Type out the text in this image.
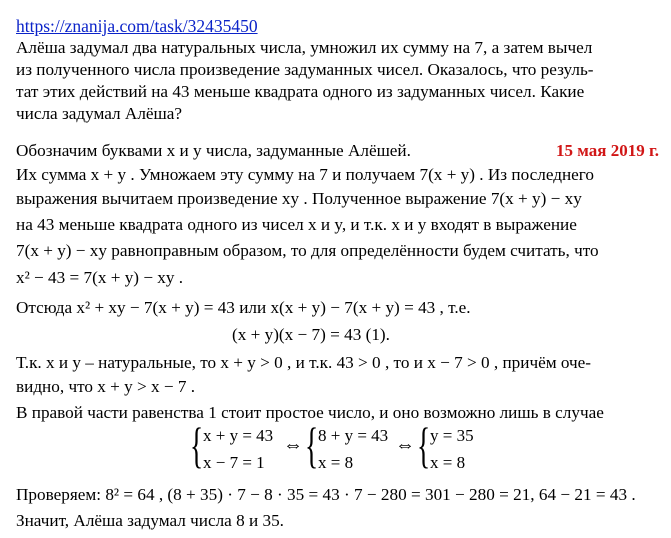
https://znanija.com/task/32435450
Алёша задумал два натуральных числа, умножил их сумму на 7, а затем вычел
из полученного числа произведение задуманных чисел. Оказалось, что резуль-
тат этих действий на 43 меньше квадрата одного из задуманных чисел. Какие
числа задумал Алёша?
Обозначим буквами x и y числа, задуманные Алёшей.	15 мая 2019 г.
Их сумма x + y . Умножаем эту сумму на 7 и получаем 7(x + y) . Из последнего
выражения вычитаем произведение xy . Полученное выражение 7(x + y) − xy
на 43 меньше квадрата одного из чисел x и y, и т.к. x и y входят в выражение
7(x + y) − xy равноправным образом, то для определённости будем считать, что
x² − 43 = 7(x + y) − xy .
Отсюда x² + xy − 7(x + y) = 43 или x(x + y) − 7(x + y) = 43 , т.е.
(x + y)(x − 7) = 43 (1).
Т.к. x и y – натуральные, то x + y > 0 , и т.к. 43 > 0 , то и x − 7 > 0 , причём оче-
видно, что x + y > x − 7 .
В правой части равенства 1 стоит простое число, и оно возможно лишь в случае
{ x + y = 43
x − 7 = 1
⇔ { 8 + y = 43
x = 8
⇔ { y = 35
x = 8
Проверяем: 8² = 64 , (8 + 35) · 7 − 8 · 35 = 43 · 7 − 280 = 301 − 280 = 21, 64 − 21 = 43 .
Значит, Алёша задумал числа 8 и 35.
